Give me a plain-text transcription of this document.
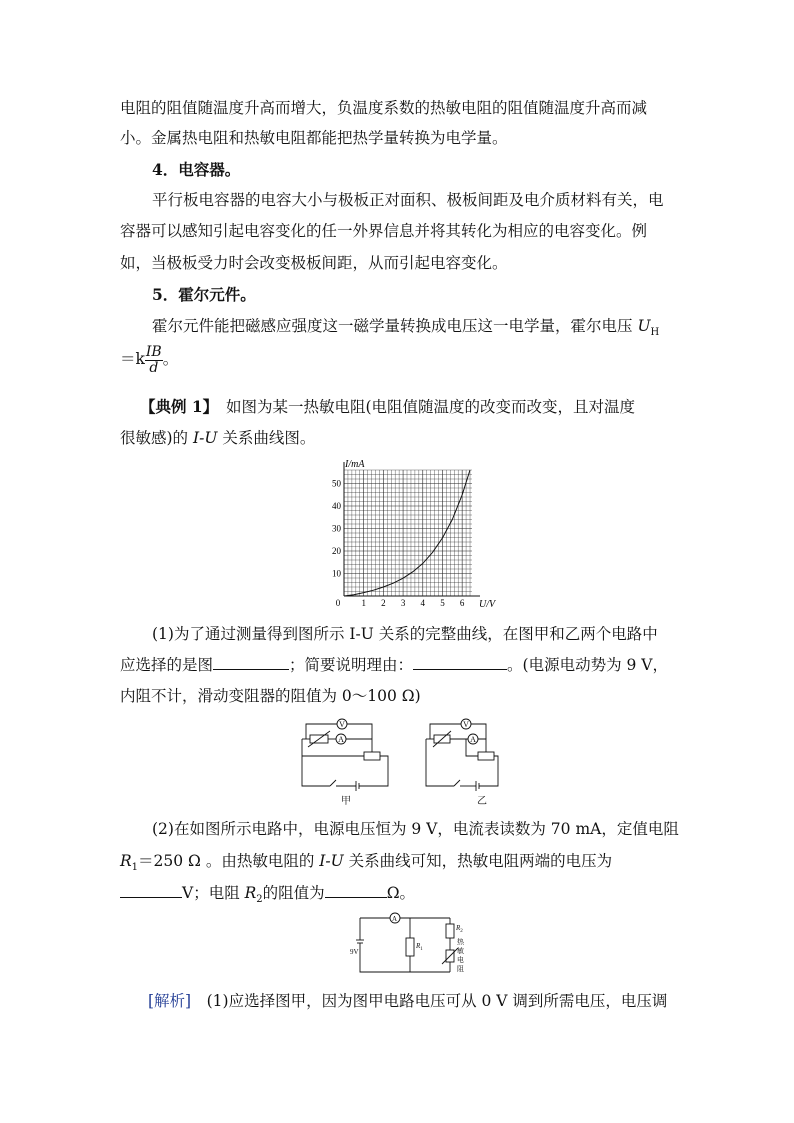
电阻的阻值随温度升高而增大，负温度系数的热敏电阻的阻值随温度升高而减
小。金属热电阻和热敏电阻都能把热学量转换为电学量。
4．电容器。
平行板电容器的电容大小与极板正对面积、极板间距及电介质材料有关，电
容器可以感知引起电容变化的任一外界信息并将其转化为相应的电容变化。例
如，当极板受力时会改变极板间距，从而引起电容变化。
5．霍尔元件。
霍尔元件能把磁感应强度这一磁学量转换成电压这一电学量，霍尔电压 $U_H$
$=k \frac{IB}{d}$ 。
【典例 1】　如图为某一热敏电阻(电阻值随温度的改变而改变，且对温度
很敏感)的 I-U 关系曲线图。
0 1 2 3 4 5 6
10
20
30
40
50
I/mA
U/V
(1)为了通过测量得到图所示 I-U 关系的完整曲线，在图甲和乙两个电路中
应选择的是图	；简要说明理由：	。(电源电动势为 9 V，
内阻不计，滑动变阻器的阻值为 0～100 Ω)
V
A
V
A
甲	乙
(2)在如图所示电路中，电源电压恒为 9 V，电流表读数为 70 mA，定值电阻
$R_1=250$ Ω 。由热敏电阻的 I-U 关系曲线可知，热敏电阻两端的电压为
V；电阻 $R_2$的阻值为	Ω。
A
9V
$R_1$
$R_2$
热
敏
电
阻
[解析]　(1)应选择图甲，因为图甲电路电压可从 0 V 调到所需电压，电压调
